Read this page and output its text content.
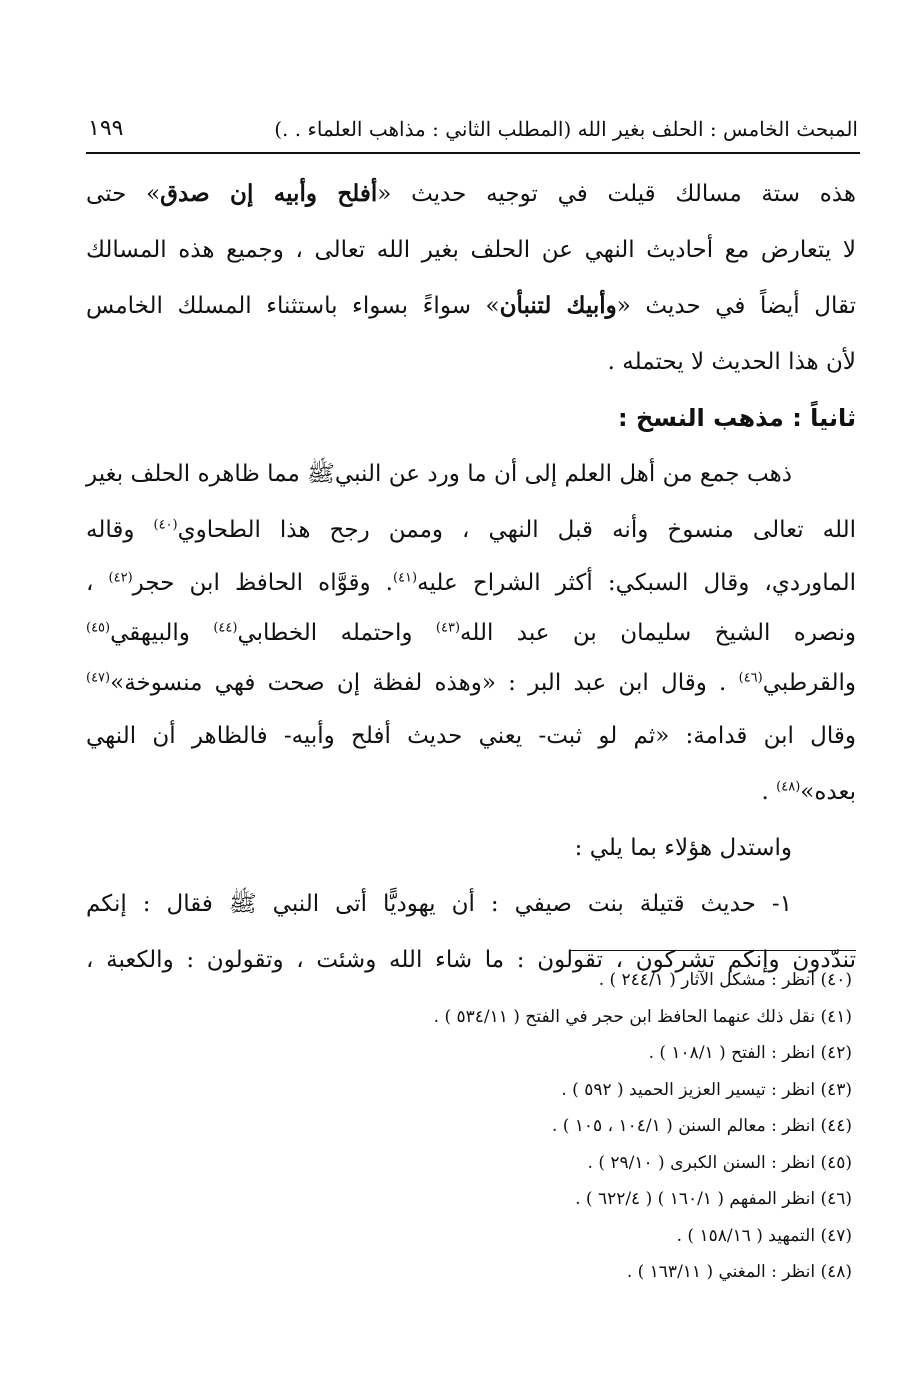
المبحث الخامس : الحلف بغير الله (المطلب الثاني : مذاهب العلماء . .)
١٩٩
هذه ستة مسالك قيلت في توجيه حديث «أفلح وأبيه إن صدق» حتى
لا يتعارض مع أحاديث النهي عن الحلف بغير الله تعالى ، وجميع هذه المسالك
تقال أيضاً في حديث «وأبيك لتنبأن» سواءً بسواء باستثناء المسلك الخامس
لأن هذا الحديث لا يحتمله .
ثانياً : مذهب النسخ :
ذهب جمع من أهل العلم إلى أن ما ورد عن النبيﷺ مما ظاهره الحلف بغير
الله تعالى منسوخ وأنه قبل النهي ، وممن رجح هذا الطحاوي$^{(٤٠)}$ وقاله
الماوردي، وقال السبكي: أكثر الشراح عليه$^{(٤١)}$. وقوَّاه الحافظ ابن حجر$^{(٤٢)}$ ،
ونصره الشيخ سليمان بن عبد الله$^{(٤٣)}$ واحتمله الخطابي$^{(٤٤)}$ والبيهقي$^{(٤٥)}$
والقرطبي$^{(٤٦)}$ . وقال ابن عبد البر : «وهذه لفظة إن صحت فهي منسوخة»$^{(٤٧)}$
وقال ابن قدامة: «ثم لو ثبت- يعني حديث أفلح وأبيه- فالظاهر أن النهي
بعده»$^{(٤٨)}$ .
واستدل هؤلاء بما يلي :
١- حديث قتيلة بنت صيفي : أن يهوديًّا أتى النبي ﷺ فقال : إنكم
تندّدون وإنكم تشركون ، تقولون : ما شاء الله وشئت ، وتقولون : والكعبة ،
(٤٠) انظر : مشكل الآثار ( ٢٤٤/١ ) .
(٤١) نقل ذلك عنهما الحافظ ابن حجر في الفتح ( ٥٣٤/١١ ) .
(٤٢) انظر : الفتح ( ١٠٨/١ ) .
(٤٣) انظر : تيسير العزيز الحميد ( ٥٩٢ ) .
(٤٤) انظر : معالم السنن ( ١٠٤/١ ، ١٠٥ ) .
(٤٥) انظر : السنن الكبرى ( ٢٩/١٠ ) .
(٤٦) انظر المفهم ( ١٦٠/١ ) ( ٦٢٢/٤ ) .
(٤٧) التمهيد ( ١٥٨/١٦ ) .
(٤٨) انظر : المغني ( ١٦٣/١١ ) .
